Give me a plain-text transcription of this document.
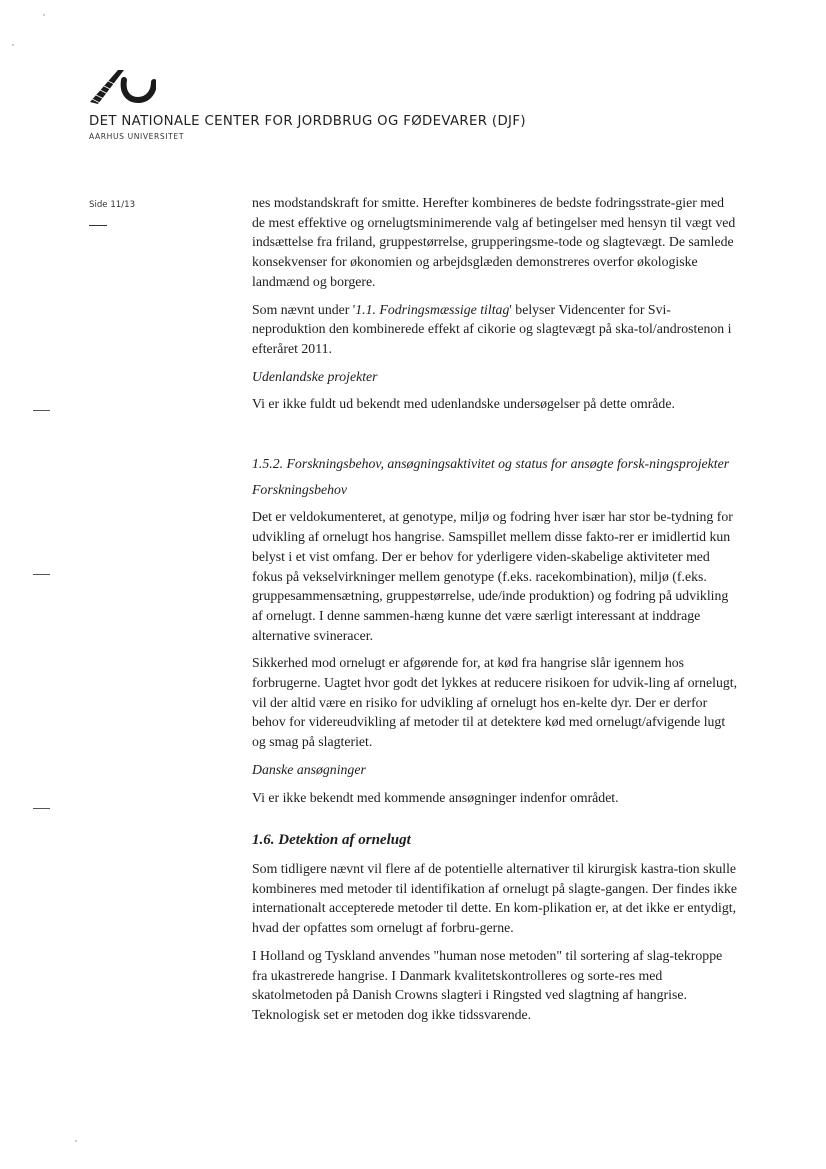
DET NATIONALE CENTER FOR JORDBRUG OG FØDEVARER (DJF)
AARHUS UNIVERSITET
Side 11/13	nes modstandskraft for smitte. Herefter kombineres de bedste fodringsstrate-gier med de mest effektive og ornelugtsminimerende valg af betingelser med hensyn til vægt ved indsættelse fra friland, gruppestørrelse, grupperingsme-tode og slagtevægt. De samlede konsekvenser for økonomien og arbejdsglæden demonstreres overfor økologiske landmænd og borgere.

Som nævnt under '1.1. Fodringsmæssige tiltag' belyser Videncenter for Svi-neproduktion den kombinerede effekt af cikorie og slagtevægt på ska-tol/androstenon i efteråret 2011.

Udenlandske projekter

Vi er ikke fuldt ud bekendt med udenlandske undersøgelser på dette område.

1.5.2. Forskningsbehov, ansøgningsaktivitet og status for ansøgte forsk-ningsprojekter
Forskningsbehov

Det er veldokumenteret, at genotype, miljø og fodring hver især har stor be-tydning for udvikling af ornelugt hos hangrise. Samspillet mellem disse fakto-rer er imidlertid kun belyst i et vist omfang. Der er behov for yderligere viden-skabelige aktiviteter med fokus på vekselvirkninger mellem genotype (f.eks. racekombination), miljø (f.eks. gruppesammensætning, gruppestørrelse, ude/inde produktion) og fodring på udvikling af ornelugt. I denne sammen-hæng kunne det være særligt interessant at inddrage alternative svineracer.

Sikkerhed mod ornelugt er afgørende for, at kød fra hangrise slår igennem hos forbrugerne. Uagtet hvor godt det lykkes at reducere risikoen for udvik-ling af ornelugt, vil der altid være en risiko for udvikling af ornelugt hos en-kelte dyr. Der er derfor behov for videreudvikling af metoder til at detektere kød med ornelugt/afvigende lugt og smag på slagteriet.

Danske ansøgninger

Vi er ikke bekendt med kommende ansøgninger indenfor området.

1.6. Detektion af ornelugt

Som tidligere nævnt vil flere af de potentielle alternativer til kirurgisk kastra-tion skulle kombineres med metoder til identifikation af ornelugt på slagte-gangen. Der findes ikke internationalt accepterede metoder til dette. En kom-plikation er, at det ikke er entydigt, hvad der opfattes som ornelugt af forbru-gerne.

I Holland og Tyskland anvendes "human nose metoden" til sortering af slag-tekroppe fra ukastrerede hangrise. I Danmark kvalitetskontrolleres og sorte-res med skatolmetoden på Danish Crowns slagteri i Ringsted ved slagtning af hangrise. Teknologisk set er metoden dog ikke tidssvarende.
